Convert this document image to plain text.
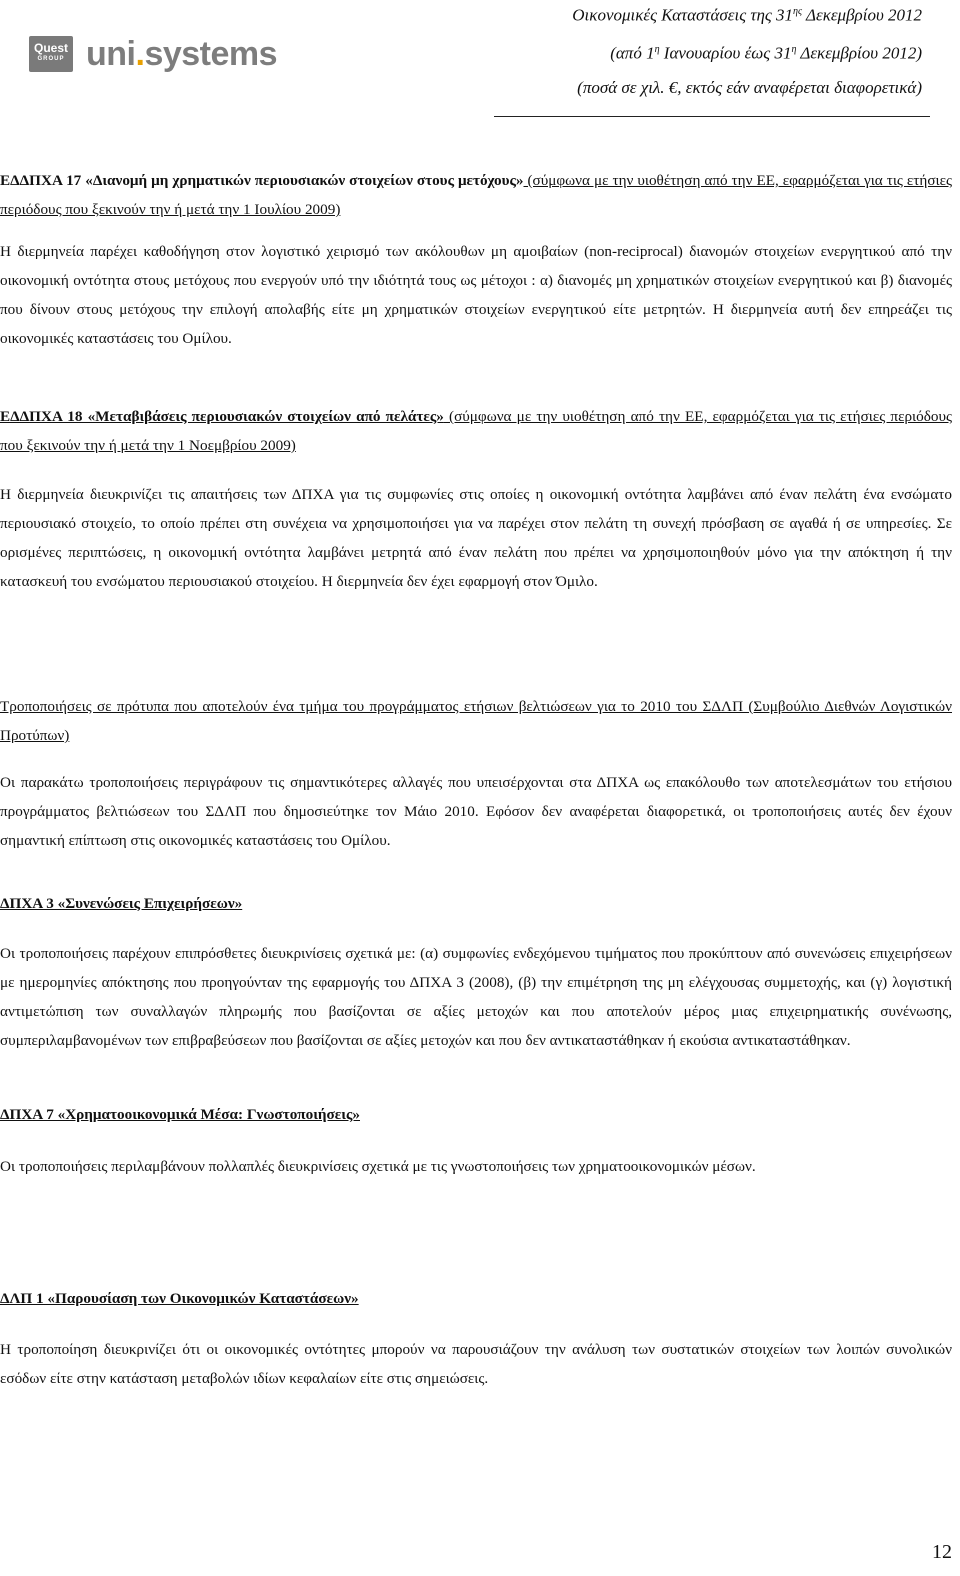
Quest
GROUP uni.systems
Οικονομικές Καταστάσεις της $31^{\eta\varsigma}$ Δεκεμβρίου 2012
(από $1^\eta$ Ιανουαρίου έως $31^\eta$ Δεκεμβρίου 2012)
(ποσά σε χιλ. €, εκτός εάν αναφέρεται διαφορετικά)
ΕΔΔΠΧΑ 17 «Διανομή μη χρηματικών περιουσιακών στοιχείων στους μετόχους» (σύμφωνα με την υιοθέτηση από την ΕΕ, εφαρμόζεται για τις ετήσιες περιόδους που ξεκινούν την ή μετά την 1 Ιουλίου 2009)
Η διερμηνεία παρέχει καθοδήγηση στον λογιστικό χειρισμό των ακόλουθων μη αμοιβαίων (non-reciprocal) διανομών στοιχείων ενεργητικού από την οικονομική οντότητα στους μετόχους που ενεργούν υπό την ιδιότητά τους ως μέτοχοι : α) διανομές μη χρηματικών στοιχείων ενεργητικού και β) διανομές που δίνουν στους μετόχους την επιλογή απολαβής είτε μη χρηματικών στοιχείων ενεργητικού είτε μετρητών. Η διερμηνεία αυτή δεν επηρεάζει τις οικονομικές καταστάσεις του Ομίλου.
ΕΔΔΠΧΑ 18 «Μεταβιβάσεις περιουσιακών στοιχείων από πελάτες» (σύμφωνα με την υιοθέτηση από την ΕΕ, εφαρμόζεται για τις ετήσιες περιόδους που ξεκινούν την ή μετά την 1 Νοεμβρίου 2009)
Η διερμηνεία διευκρινίζει τις απαιτήσεις των ΔΠΧΑ για τις συμφωνίες στις οποίες η οικονομική οντότητα λαμβάνει από έναν πελάτη ένα ενσώματο περιουσιακό στοιχείο, το οποίο πρέπει στη συνέχεια να χρησιμοποιήσει για να παρέχει στον πελάτη τη συνεχή πρόσβαση σε αγαθά ή σε υπηρεσίες. Σε ορισμένες περιπτώσεις, η οικονομική οντότητα λαμβάνει μετρητά από έναν πελάτη που πρέπει να χρησιμοποιηθούν μόνο για την απόκτηση ή την κατασκευή του ενσώματου περιουσιακού στοιχείου. Η διερμηνεία δεν έχει εφαρμογή στον Όμιλο.
Τροποποιήσεις σε πρότυπα που αποτελούν ένα τμήμα του προγράμματος ετήσιων βελτιώσεων για το 2010 του ΣΔΛΠ (Συμβούλιο Διεθνών Λογιστικών Προτύπων)
Οι παρακάτω τροποποιήσεις περιγράφουν τις σημαντικότερες αλλαγές που υπεισέρχονται στα ΔΠΧΑ ως επακόλουθο των αποτελεσμάτων του ετήσιου προγράμματος βελτιώσεων του ΣΔΛΠ που δημοσιεύτηκε τον Μάιο 2010. Εφόσον δεν αναφέρεται διαφορετικά, οι τροποποιήσεις αυτές δεν έχουν σημαντική επίπτωση στις οικονομικές καταστάσεις του Ομίλου.
ΔΠΧΑ 3 «Συνενώσεις Επιχειρήσεων»
Οι τροποποιήσεις παρέχουν επιπρόσθετες διευκρινίσεις σχετικά με: (α) συμφωνίες ενδεχόμενου τιμήματος που προκύπτουν από συνενώσεις επιχειρήσεων με ημερομηνίες απόκτησης που προηγούνταν της εφαρμογής του ΔΠΧΑ 3 (2008), (β) την επιμέτρηση της μη ελέγχουσας συμμετοχής, και (γ) λογιστική αντιμετώπιση των συναλλαγών πληρωμής που βασίζονται σε αξίες μετοχών και που αποτελούν μέρος μιας επιχειρηματικής συνένωσης, συμπεριλαμβανομένων των επιβραβεύσεων που βασίζονται σε αξίες μετοχών και που δεν αντικαταστάθηκαν ή εκούσια αντικαταστάθηκαν.
ΔΠΧΑ 7 «Χρηματοοικονομικά Μέσα: Γνωστοποιήσεις»
Οι τροποποιήσεις περιλαμβάνουν πολλαπλές διευκρινίσεις σχετικά με τις γνωστοποιήσεις των χρηματοοικονομικών μέσων.
ΔΛΠ 1 «Παρουσίαση των Οικονομικών Καταστάσεων»
Η τροποποίηση διευκρινίζει ότι οι οικονομικές οντότητες μπορούν να παρουσιάζουν την ανάλυση των συστατικών στοιχείων των λοιπών συνολικών εσόδων είτε στην κατάσταση μεταβολών ιδίων κεφαλαίων είτε στις σημειώσεις.
12
